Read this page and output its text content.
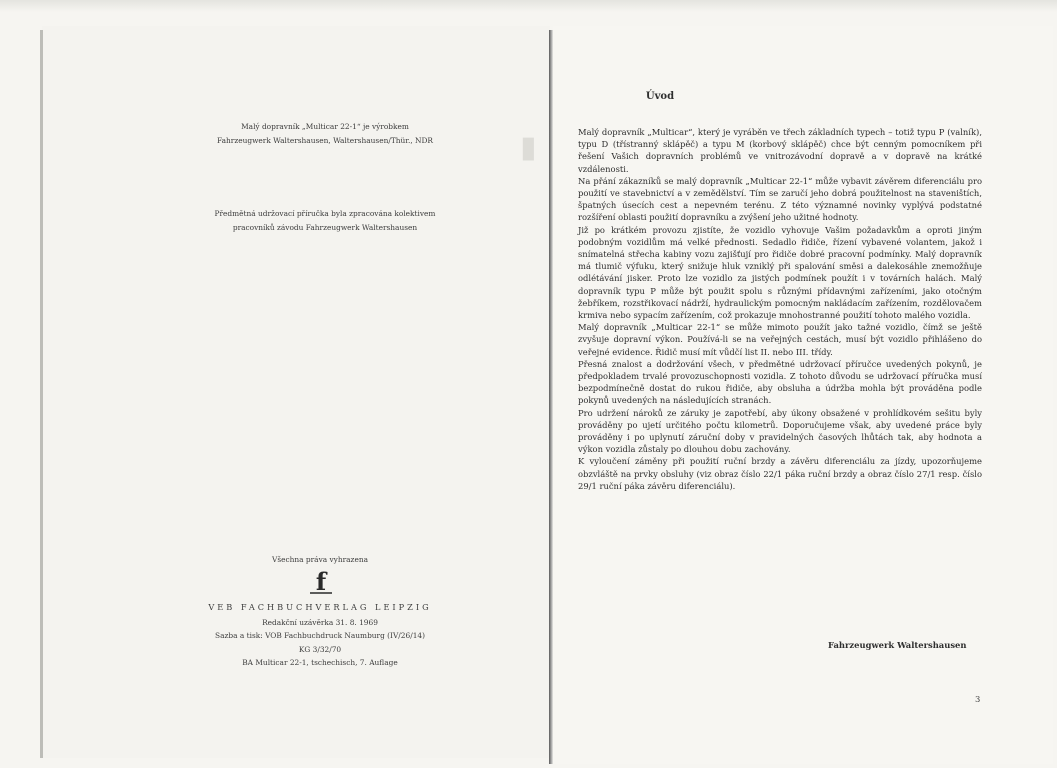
▮

Malý dopravník „Multicar 22-1“ je výrobkem

Fahrzeugwerk Waltershausen, Waltershausen/Thür., NDR

Předmětná udržovací příručka byla zpracována kolektivem

pracovníků závodu Fahrzeugwerk Waltershausen

Všechna práva vyhrazena
f

VEB FACHBUCHVERLAG LEIPZIG

Redakční uzávěrka 31. 8. 1969

Sazba a tisk: VOB Fachbuchdruck Naumburg (IV/26/14)

KG 3/32/70

BA Multicar 22-1, tschechisch, 7. Auflage

Úvod

Malý dopravník „Multicar“, který je vyráběn ve třech základních typech – totiž typu P (valník), typu D (třístranný sklápěč) a typu M (korbový sklápěč) chce být cenným pomocníkem při řešení Vašich dopravních problémů ve vnitrozávodní dopravě a v dopravě na krátké vzdálenosti.

Na přání zákazníků se malý dopravník „Multicar 22-1“ může vybavit závěrem diferenciálu pro použití ve stavebnictví a v zemědělství. Tím se zaručí jeho dobrá použitelnost na staveništích, špatných úsecích cest a nepevném terénu. Z této významné novinky vyplývá podstatné rozšíření oblasti použití dopravníku a zvýšení jeho užitné hodnoty.

Již po krátkém provozu zjistíte, že vozidlo vyhovuje Vašim požadavkům a oproti jiným podobným vozidlům má velké přednosti. Sedadlo řidiče, řízení vybavené volantem, jakož i snímatelná střecha kabiny vozu zajišťují pro řidiče dobré pracovní podmínky. Malý dopravník má tlumič výfuku, který snižuje hluk vzniklý při spalování směsi a dalekosáhle znemožňuje odlétávání jisker. Proto lze vozidlo za jistých podmínek použít i v továrních halách. Malý dopravník typu P může být použit spolu s různými přídavnými zařízeními, jako otočným žebříkem, rozstřikovací nádrží, hydraulickým pomocným nakládacím zařízením, rozdělovačem krmiva nebo sypacím zařízením, což prokazuje mnohostranné použití tohoto malého vozidla.

Malý dopravník „Multicar 22-1“ se může mimoto použít jako tažné vozidlo, čímž se ještě zvyšuje dopravní výkon. Používá-li se na veřejných cestách, musí být vozidlo přihlášeno do veřejné evidence. Řidič musí mít vůdčí list II. nebo III. třídy.

Přesná znalost a dodržování všech, v předmětné udržovací příručce uvedených pokynů, je předpokladem trvalé provozuschopnosti vozidla. Z tohoto důvodu se udržovací příručka musí bezpodmínečně dostat do rukou řidiče, aby obsluha a údržba mohla být prováděna podle pokynů uvedených na následujících stranách.

Pro udržení nároků ze záruky je zapotřebí, aby úkony obsažené v prohlídkovém sešitu byly prováděny po ujetí určitého počtu kilometrů. Doporučujeme však, aby uvedené práce byly prováděny i po uplynutí záruční doby v pravidelných časových lhůtách tak, aby hodnota a výkon vozidla zůstaly po dlouhou dobu zachovány.

K vyloučení záměny při použití ruční brzdy a závěru diferenciálu za jízdy, upozorňujeme obzvláště na prvky obsluhy (viz obraz číslo 22/1 páka ruční brzdy a obraz číslo 27/1 resp. číslo 29/1 ruční páka závěru diferenciálu).

Fahrzeugwerk Waltershausen
3
